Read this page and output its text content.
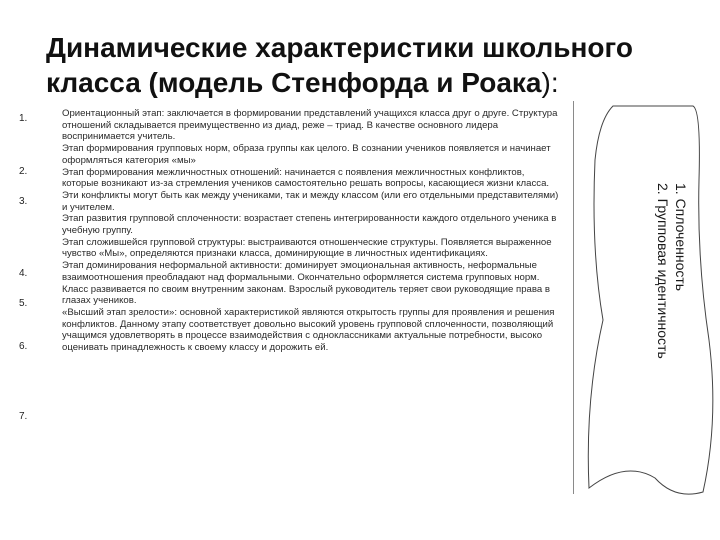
Динамические характеристики школьного класса (модель Стенфорда и Роака):
1.
2.
3.
4.
5.
6.
7.

Ориентационный этап: заключается в формировании представлений учащихся класса друг о друге. Структура отношений складывается преимущественно из диад, реже – триад. В качестве основного лидера воспринимается учитель.

Этап формирования групповых норм, образа группы как целого. В сознании учеников появляется и начинает оформляться категория «мы»

Этап формирования межличностных отношений: начинается с появления межличностных конфликтов, которые возникают из-за стремления учеников самостоятельно решать вопросы, касающиеся жизни класса. Эти конфликты могут быть как между учениками, так и между классом (или его отдельными представителями) и учителем.

Этап развития групповой сплоченности: возрастает степень интегрированности каждого отдельного ученика в учебную группу.

Этап сложившейся групповой структуры: выстраиваются отношенческие структуры. Появляется выраженное чувство «Мы», определяются признаки класса, доминирующие в личностных идентификациях.

Этап доминирования неформальной активности: доминирует эмоциональная активность, неформальные взаимоотношения преобладают над формальными. Окончательно оформляется система групповых норм. Класс развивается по своим внутренним законам. Взрослый руководитель теряет свои руководящие права в глазах учеников.

«Высший этап зрелости»: основной характеристикой являются открытость группы для проявления и решения конфликтов. Данному этапу соответствует довольно высокий уровень групповой сплоченности, позволяющий учащимся удовлетворять в процессе взаимодействия с одноклассниками актуальные потребности, высоко оценивать принадлежность к своему классу и дорожить ей.

1. Сплоченность
2. Групповая идентичность
